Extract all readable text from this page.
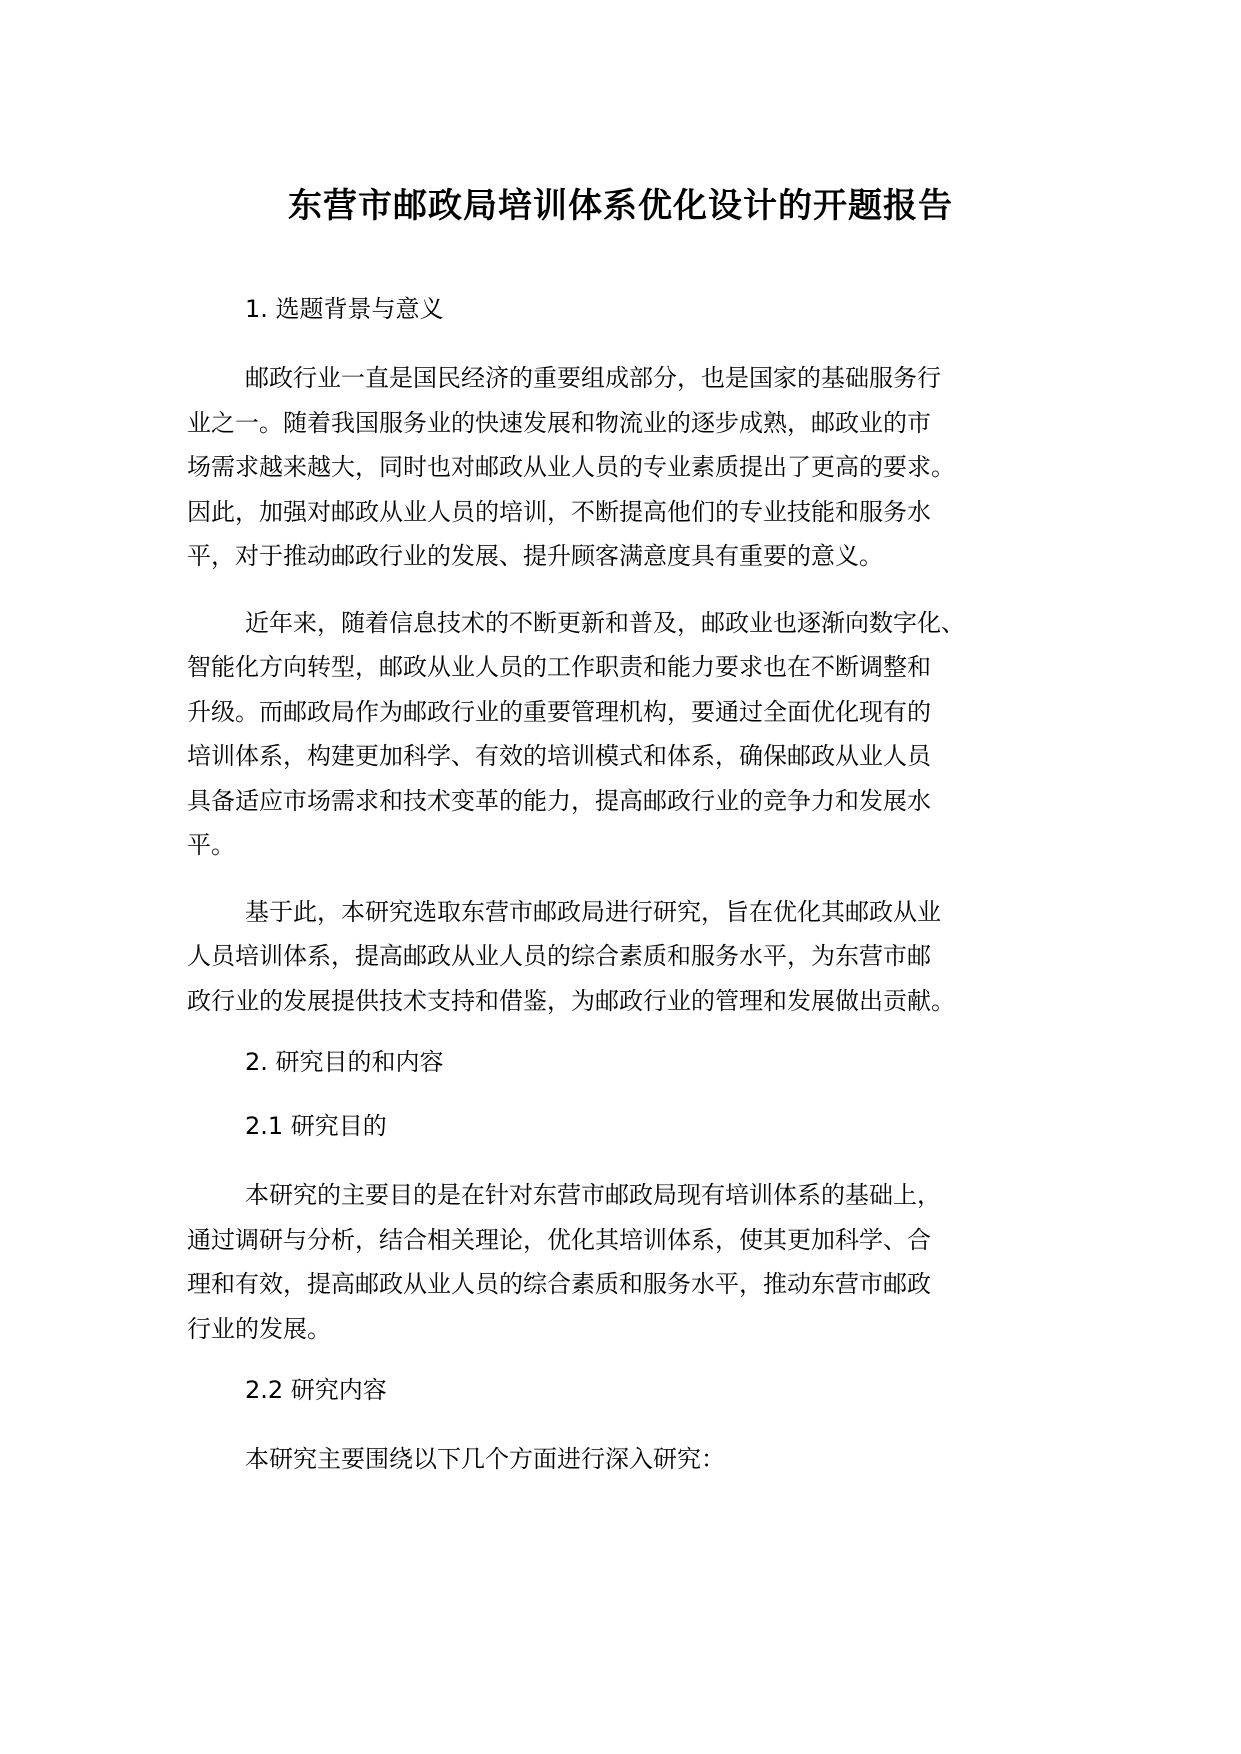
东营市邮政局培训体系优化设计的开题报告
1. 选题背景与意义
邮政行业一直是国民经济的重要组成部分，也是国家的基础服务行
业之一。随着我国服务业的快速发展和物流业的逐步成熟，邮政业的市
场需求越来越大，同时也对邮政从业人员的专业素质提出了更高的要求。
因此，加强对邮政从业人员的培训，不断提高他们的专业技能和服务水
平，对于推动邮政行业的发展、提升顾客满意度具有重要的意义。
近年来，随着信息技术的不断更新和普及，邮政业也逐渐向数字化、
智能化方向转型，邮政从业人员的工作职责和能力要求也在不断调整和
升级。而邮政局作为邮政行业的重要管理机构，要通过全面优化现有的
培训体系，构建更加科学、有效的培训模式和体系，确保邮政从业人员
具备适应市场需求和技术变革的能力，提高邮政行业的竞争力和发展水
平。
基于此，本研究选取东营市邮政局进行研究，旨在优化其邮政从业
人员培训体系，提高邮政从业人员的综合素质和服务水平，为东营市邮
政行业的发展提供技术支持和借鉴，为邮政行业的管理和发展做出贡献。
2. 研究目的和内容
2.1 研究目的
本研究的主要目的是在针对东营市邮政局现有培训体系的基础上，
通过调研与分析，结合相关理论，优化其培训体系，使其更加科学、合
理和有效，提高邮政从业人员的综合素质和服务水平，推动东营市邮政
行业的发展。
2.2 研究内容
本研究主要围绕以下几个方面进行深入研究：
